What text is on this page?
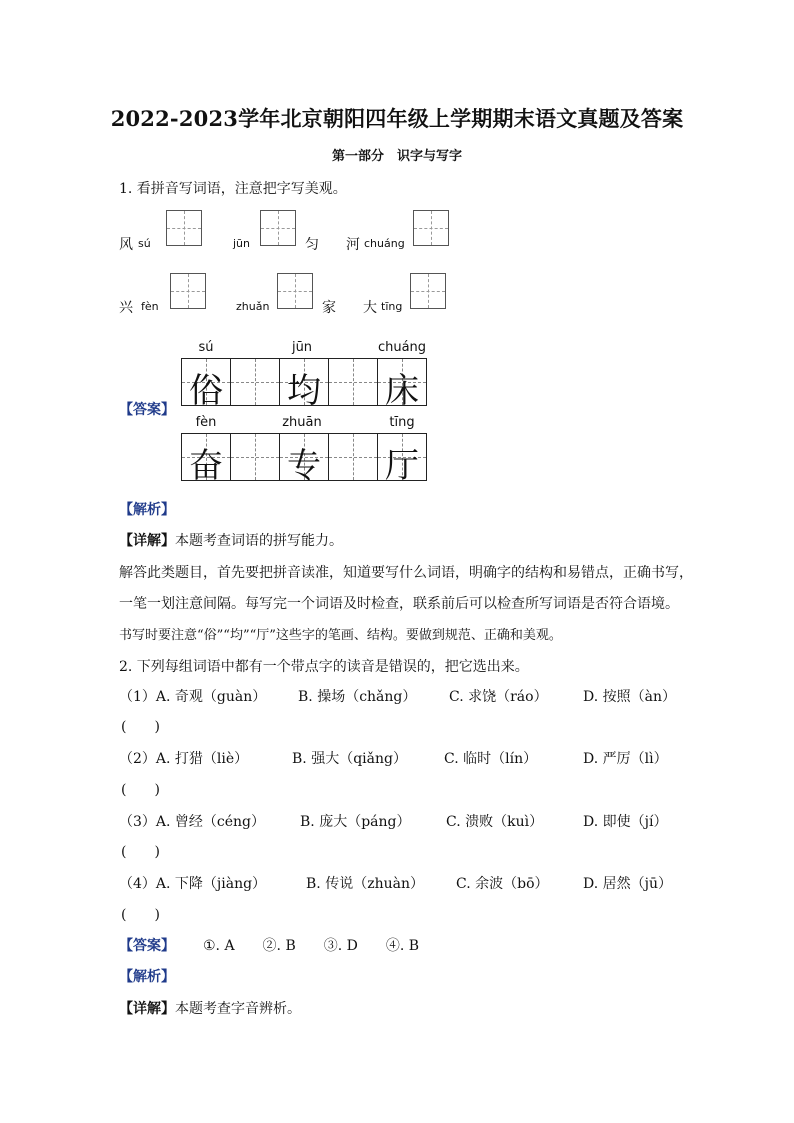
2022-2023学年北京朝阳四年级上学期期末语文真题及答案
第一部分　识字与写字
1. 看拼音写词语，注意把字写美观。
风 sú	jūn	匀 河 chuáng
兴 fèn	zhuǎn	家 大 tīng
【答案】
sú	jūn	chuáng
俗 均 床
fèn	zhuān	tīng
奋 专 厅
【解析】
【详解】本题考查词语的拼写能力。
解答此类题目，首先要把拼音读准，知道要写什么词语，明确字的结构和易错点，正确书写，
一笔一划注意间隔。每写完一个词语及时检查，联系前后可以检查所写词语是否符合语境。
书写时要注意“俗”“均”“厅”这些字的笔画、结构。要做到规范、正确和美观。
2. 下列每组词语中都有一个带点字的读音是错误的，把它选出来。
（1）A. 奇观（guàn） B. 操场（chǎng） C. 求饶（ráo）	D. 按照（àn）
(　　)
（2）A. 打猎（liè）	B. 强大（qiǎng）	C. 临时（lín）	D. 严厉（lì）
(　　)
（3）A. 曾经（céng） B. 庞大（páng）	C. 溃败（kuì）	D. 即使（jí）
(　　)
（4）A. 下降（jiàng）	B. 传说（zhuàn） C. 余波（bō） D. 居然（jū）
(　　)
【答案】 ①. A　　②. B　　③. D　　④. B
【解析】
【详解】本题考查字音辨析。
